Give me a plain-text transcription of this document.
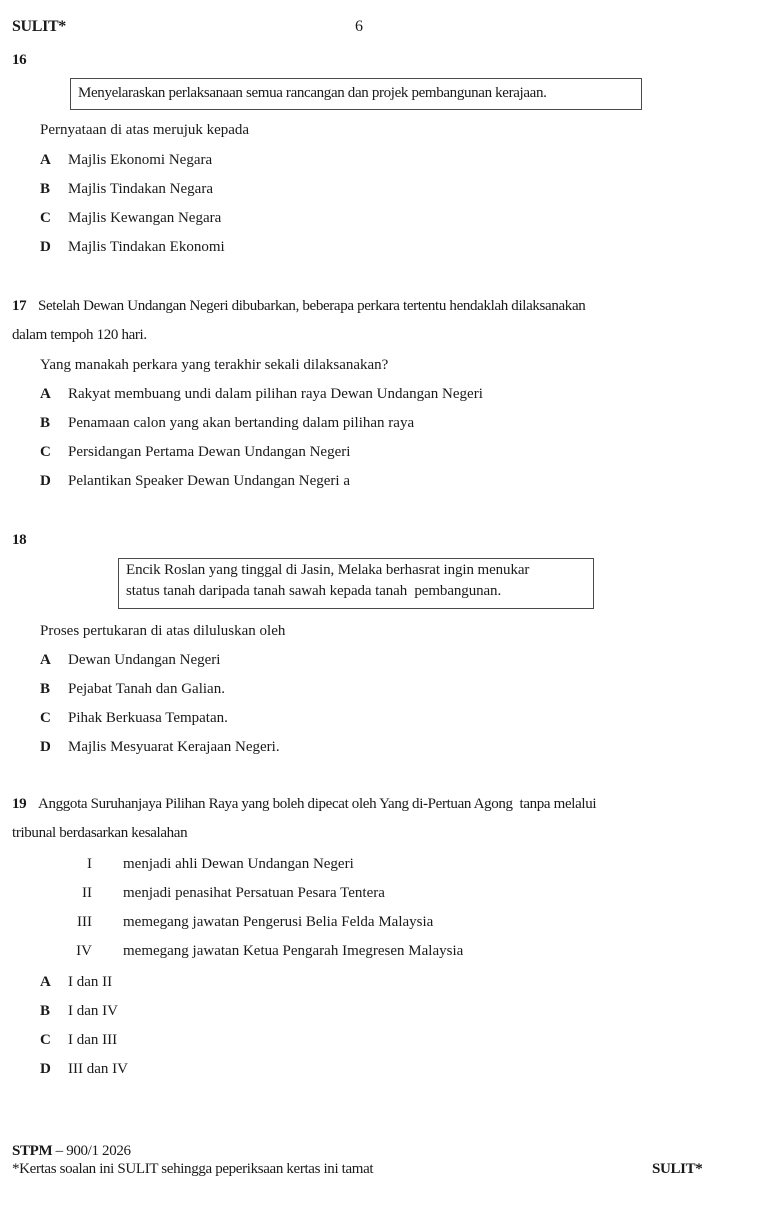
SULIT*	6
16
Menyelaraskan perlaksanaan semua rancangan dan projek pembangunan kerajaan.
Pernyataan di atas merujuk kepada
A Majlis Ekonomi Negara
B Majlis Tindakan Negara
C Majlis Kewangan Negara
D Majlis Tindakan Ekonomi
17 Setelah Dewan Undangan Negeri dibubarkan, beberapa perkara tertentu hendaklah dilaksanakan
dalam tempoh 120 hari.
Yang manakah perkara yang terakhir sekali dilaksanakan?
A Rakyat membuang undi dalam pilihan raya Dewan Undangan Negeri
B Penamaan calon yang akan bertanding dalam pilihan raya
C Persidangan Pertama Dewan Undangan Negeri
D Pelantikan Speaker Dewan Undangan Negeri a
18
Encik Roslan yang tinggal di Jasin, Melaka berhasrat ingin menukar
status tanah daripada tanah sawah kepada tanah  pembangunan.
Proses pertukaran di atas diluluskan oleh
A Dewan Undangan Negeri
B Pejabat Tanah dan Galian.
C Pihak Berkuasa Tempatan.
D Majlis Mesyuarat Kerajaan Negeri.
19 Anggota Suruhanjaya Pilihan Raya yang boleh dipecat oleh Yang di-Pertuan Agong  tanpa melalui
tribunal berdasarkan kesalahan
I menjadi ahli Dewan Undangan Negeri
II menjadi penasihat Persatuan Pesara Tentera
III memegang jawatan Pengerusi Belia Felda Malaysia
IV memegang jawatan Ketua Pengarah Imegresen Malaysia
A I dan II
B I dan IV
C I dan III
D III dan IV
STPM – 900/1 2026
*Kertas soalan ini SULIT sehingga peperiksaan kertas ini tamat	SULIT*
